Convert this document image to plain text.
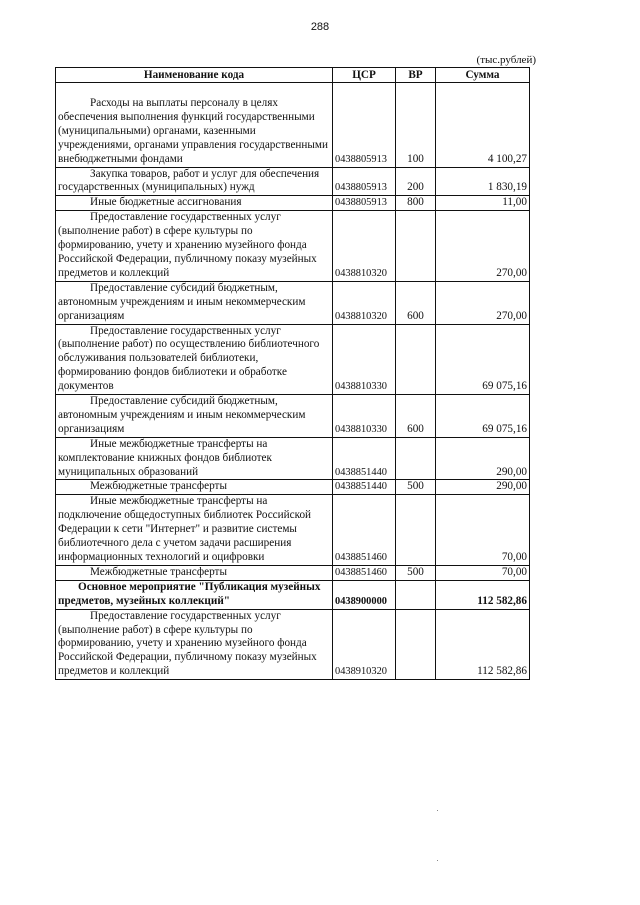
288
(тыс.рублей)
Наименование кода	ЦСР	ВР	Сумма

Расходы на выплаты персоналу в целях обеспечения выполнения функций государственными (муниципальными) органами, казенными учреждениями, органами управления государственными внебюджетными фондами	0438805913	100	4 100,27
Закупка товаров, работ и услуг для обеспечения государственных (муниципальных) нужд	0438805913	200	1 830,19
Иные бюджетные ассигнования	0438805913	800	11,00
Предоставление государственных услуг (выполнение работ) в сфере культуры по формированию, учету и хранению музейного фонда Российской Федерации, публичному показу музейных предметов и коллекций	0438810320		270,00
Предоставление субсидий бюджетным, автономным учреждениям и иным некоммерческим организациям	0438810320	600	270,00
Предоставление государственных услуг (выполнение работ) по осуществлению библиотечного обслуживания пользователей библиотеки, формированию фондов библиотеки и обработке документов	0438810330		69 075,16
Предоставление субсидий бюджетным, автономным учреждениям и иным некоммерческим организациям	0438810330	600	69 075,16
Иные межбюджетные трансферты на комплектование книжных фондов библиотек муниципальных образований	0438851440		290,00
Межбюджетные трансферты	0438851440	500	290,00
Иные межбюджетные трансферты на подключение общедоступных библиотек Российской Федерации к сети "Интернет" и развитие системы библиотечного дела с учетом задачи расширения информационных технологий и оцифровки	0438851460		70,00
Межбюджетные трансферты	0438851460	500	70,00
Основное мероприятие "Публикация музейных предметов, музейных коллекций"	0438900000		112 582,86
Предоставление государственных услуг (выполнение работ) в сфере культуры по формированию, учету и хранению музейного фонда Российской Федерации, публичному показу музейных предметов и коллекций	0438910320		112 582,86
